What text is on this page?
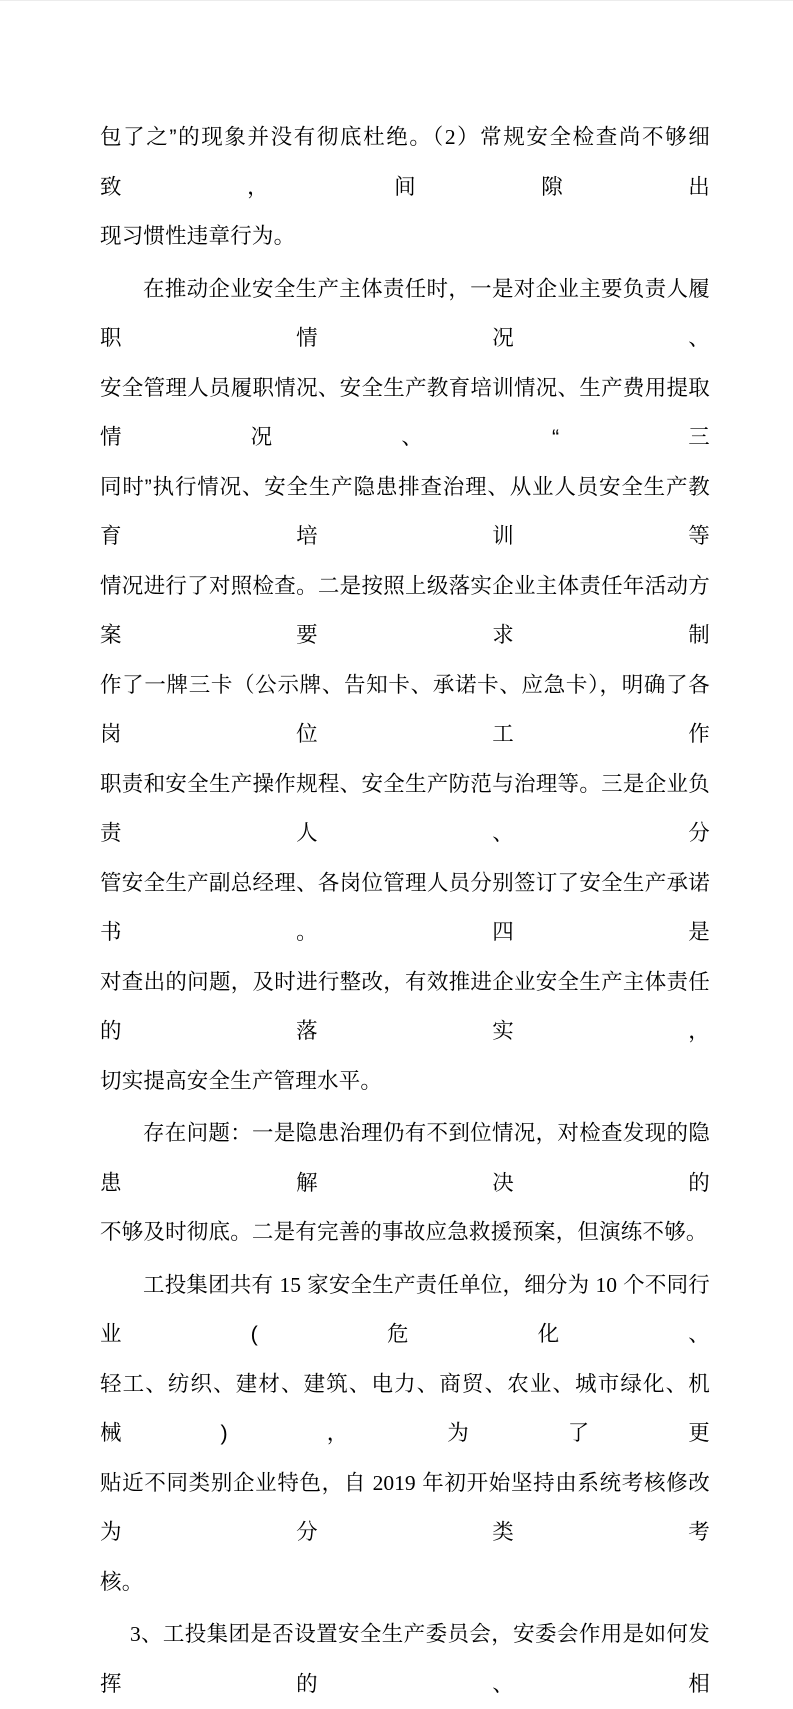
包了之”的现象并没有彻底杜绝。（2）常规安全检查尚不够细致，间隙出
现习惯性违章行为。
在推动企业安全生产主体责任时，一是对企业主要负责人履职情况、
安全管理人员履职情况、安全生产教育培训情况、生产费用提取情况、“三
同时”执行情况、安全生产隐患排查治理、从业人员安全生产教育培训等
情况进行了对照检查。二是按照上级落实企业主体责任年活动方案要求制
作了一牌三卡（公示牌、告知卡、承诺卡、应急卡），明确了各岗位工作
职责和安全生产操作规程、安全生产防范与治理等。三是企业负责人、分
管安全生产副总经理、各岗位管理人员分别签订了安全生产承诺书。四是
对查出的问题，及时进行整改，有效推进企业安全生产主体责任的落实，
切实提高安全生产管理水平。
存在问题：一是隐患治理仍有不到位情况，对检查发现的隐患解决的
不够及时彻底。二是有完善的事故应急救援预案，但演练不够。
工投集团共有 15 家安全生产责任单位，细分为 10 个不同行业(危化、
轻工、纺织、建材、建筑、电力、商贸、农业、城市绿化、机械)，为了更
贴近不同类别企业特色，自 2019 年初开始坚持由系统考核修改为分类考
核。
3、工投集团是否设置安全生产委员会，安委会作用是如何发挥的、相
